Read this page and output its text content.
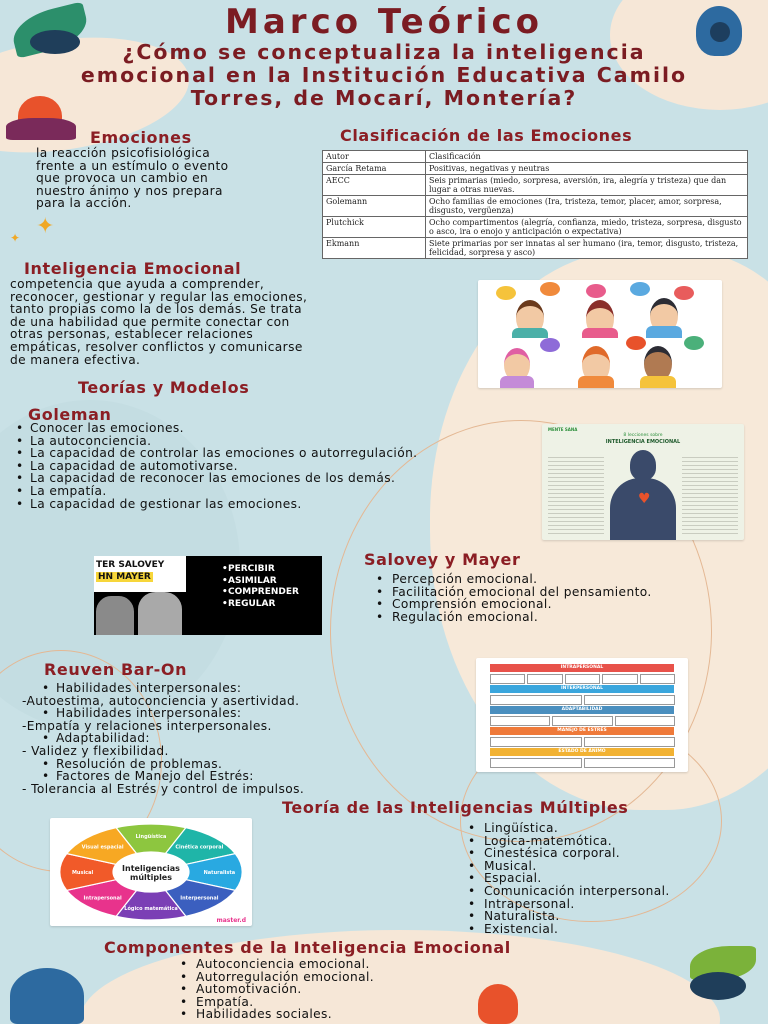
✦
✦
Marco Teórico
¿Cómo se conceptualiza la inteligencia
emocional en la Institución Educativa Camilo
Torres, de Mocarí, Montería?
Emociones
la reacción psicofisiológica
frente a un estímulo o evento
que provoca un cambio en
nuestro ánimo y nos prepara
para la acción.
Clasificación de las Emociones
Autor	Clasificación
García Retama	Positivas, negativas y neutras
AECC	Seis primarias (miedo, sorpresa, aversión, ira, alegría y tristeza) que dan lugar a otras nuevas.
Golemann	Ocho familias de emociones (Ira, tristeza, temor, placer, amor, sorpresa, disgusto, vergüenza)
Plutchick	Ocho compartimentos (alegría, confianza, miedo, tristeza, sorpresa, disgusto o asco, ira o enojo y anticipación o expectativa)
Ekmann	Siete primarias por ser innatas al ser humano (ira, temor, disgusto, tristeza, felicidad, sorpresa y asco)
Inteligencia Emocional
competencia que ayuda a comprender,
reconocer, gestionar y regular las emociones,
tanto propias como la de los demás. Se trata
de una habilidad que permite conectar con
otras personas, establecer relaciones
empáticas, resolver conflictos y comunicarse
de manera efectiva.
Teorías y Modelos
Goleman
• Conocer las emociones.
• La autoconciencia.
• La capacidad de controlar las emociones o autorregulación.
• La capacidad de automotivarse.
• La capacidad de reconocer las emociones de los demás.
• La empatía.
• La capacidad de gestionar las emociones.
MENTE SANA
8 lecciones sobre
INTELIGENCIA EMOCIONAL
♥
TER SALOVEY
HN MAYER
• PERCIBIR
• ASIMILAR
• COMPRENDER
• REGULAR
Salovey y Mayer
• Percepción emocional.
• Facilitación emocional del pensamiento.
• Comprensión emocional.
• Regulación emocional.
Reuven Bar-On
• Habilidades interpersonales:
-Autoestima, autoconciencia y asertividad.
• Habilidades interpersonales:
-Empatía y relaciones interpersonales.
• Adaptabilidad:
- Validez y flexibilidad.
• Resolución de problemas.
• Factores de Manejo del Estrés:
- Tolerancia al Estrés y control de impulsos.
INTRAPERSONAL
INTERPERSONAL
ADAPTABILIDAD
MANEJO DE ESTRÉS
ESTADO DE ÁNIMO
Teoría de las Inteligencias Múltiples
Lingüística
Cinética corporal
Naturalista
Interpersonal
Lógico matemática
Intrapersonal
Musical
Visual espacial
Inteligencias
múltiples
master.d
• Lingüística.
• Logica-matemótica.
• Cinestésica corporal.
• Musical.
• Espacial.
• Comunicación interpersonal.
• Intrapersonal.
• Naturalista.
• Existencial.
Componentes de la Inteligencia Emocional
• Autoconciencia emocional.
• Autorregulación emocional.
• Automotivación.
• Empatía.
• Habilidades sociales.
